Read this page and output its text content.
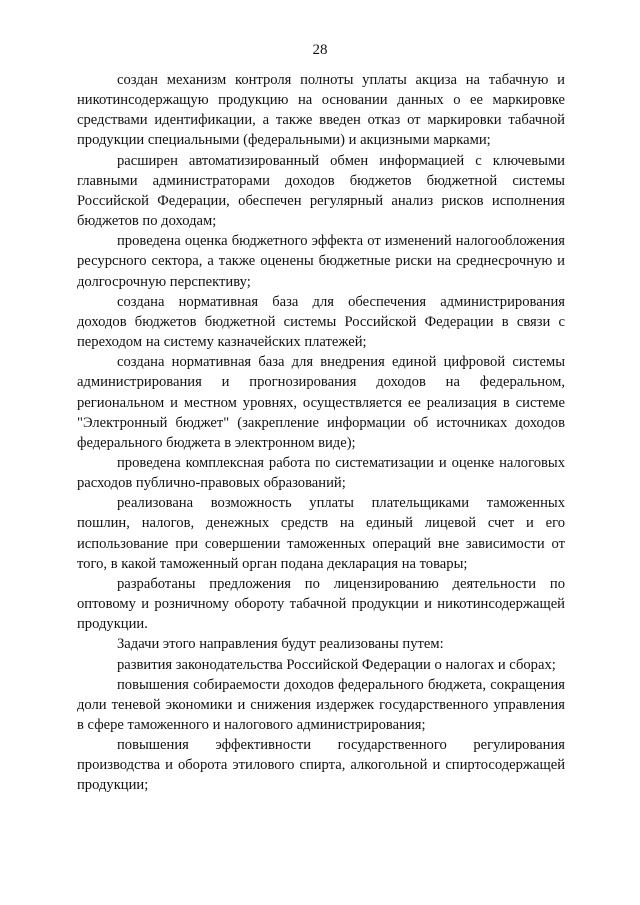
28

создан механизм контроля полноты уплаты акциза на табачную и никотинсодержащую продукцию на основании данных о ее маркировке средствами идентификации, а также введен отказ от маркировки табачной продукции специальными (федеральными) и акцизными марками;

расширен автоматизированный обмен информацией с ключевыми главными администраторами доходов бюджетов бюджетной системы Российской Федерации, обеспечен регулярный анализ рисков исполнения бюджетов по доходам;

проведена оценка бюджетного эффекта от изменений налогообложения ресурсного сектора, а также оценены бюджетные риски на среднесрочную и долгосрочную перспективу;

создана нормативная база для обеспечения администрирования доходов бюджетов бюджетной системы Российской Федерации в связи с переходом на систему казначейских платежей;

создана нормативная база для внедрения единой цифровой системы администрирования и прогнозирования доходов на федеральном, региональном и местном уровнях, осуществляется ее реализация в системе "Электронный бюджет" (закрепление информации об источниках доходов федерального бюджета в электронном виде);

проведена комплексная работа по систематизации и оценке налоговых расходов публично-правовых образований;

реализована возможность уплаты плательщиками таможенных пошлин, налогов, денежных средств на единый лицевой счет и его использование при совершении таможенных операций вне зависимости от того, в какой таможенный орган подана декларация на товары;

разработаны предложения по лицензированию деятельности по оптовому и розничному обороту табачной продукции и никотинсодержащей продукции.

Задачи этого направления будут реализованы путем:

развития законодательства Российской Федерации о налогах и сборах;

повышения собираемости доходов федерального бюджета, сокращения доли теневой экономики и снижения издержек государственного управления в сфере таможенного и налогового администрирования;

повышения эффективности государственного регулирования производства и оборота этилового спирта, алкогольной и спиртосодержащей продукции;
